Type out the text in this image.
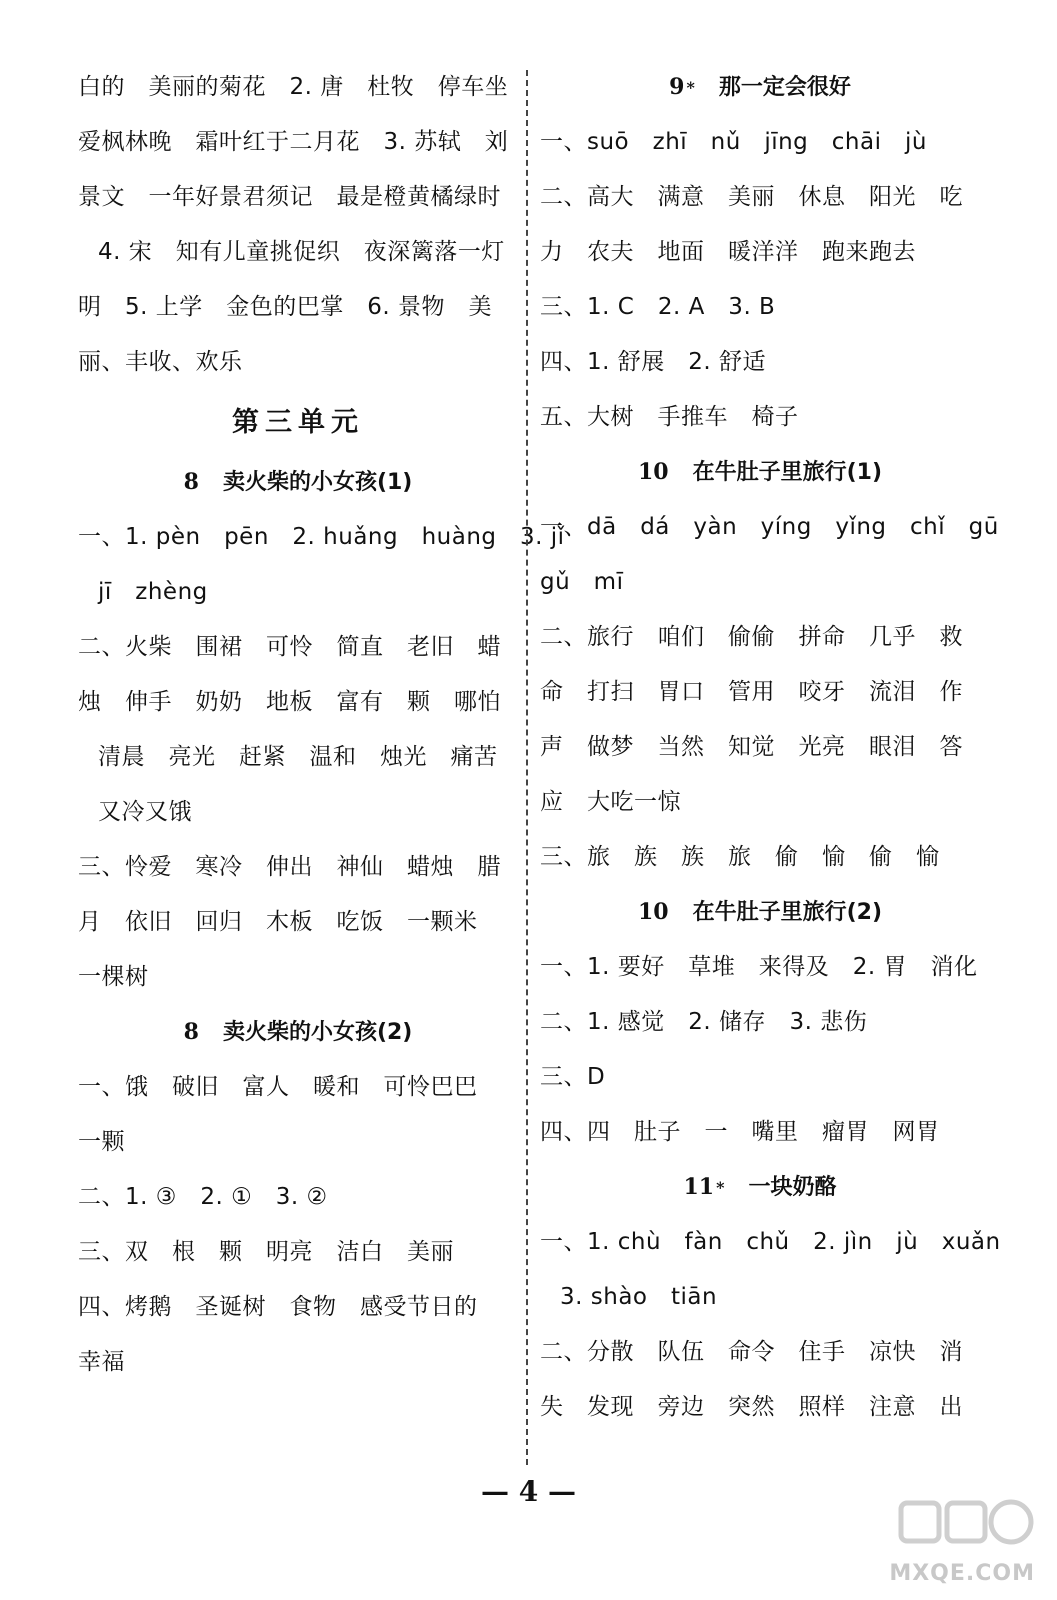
白的　美丽的菊花　2. 唐　杜牧　停车坐
爱枫林晚　霜叶红于二月花　3. 苏轼　刘
景文　一年好景君须记　最是橙黄橘绿时
4. 宋　知有儿童挑促织　夜深篱落一灯
明　5. 上学　金色的巴掌　6. 景物　美
丽、丰收、欢乐
第三单元
8 卖火柴的小女孩(1)
一、1. pèn　pēn　2. huǎng　huàng　3. jǐ
jī　zhèng
二、火柴　围裙　可怜　简直　老旧　蜡
烛　伸手　奶奶　地板　富有　颗　哪怕
清晨　亮光　赶紧　温和　烛光　痛苦
又冷又饿
三、怜爱　寒冷　伸出　神仙　蜡烛　腊
月　依旧　回归　木板　吃饭　一颗米
一棵树
8 卖火柴的小女孩(2)
一、饿　破旧　富人　暖和　可怜巴巴
一颗
二、1. ③　2. ①　3. ②
三、双　根　颗　明亮　洁白　美丽
四、烤鹅　圣诞树　食物　感受节日的
幸福
9 * 那一定会很好
一、suō　zhī　nǔ　jīng　chāi　jù
二、高大　满意　美丽　休息　阳光　吃
力　农夫　地面　暖洋洋　跑来跑去
三、1. C　2. A　3. B
四、1. 舒展　2. 舒适
五、大树　手推车　椅子
10 在牛肚子里旅行(1)
一、dā　dá　yàn　yíng　yǐng　chǐ　gū
gǔ　mī
二、旅行　咱们　偷偷　拼命　几乎　救
命　打扫　胃口　管用　咬牙　流泪　作
声　做梦　当然　知觉　光亮　眼泪　答
应　大吃一惊
三、旅　族　族　旅　偷　愉　偷　愉
10 在牛肚子里旅行(2)
一、1. 要好　草堆　来得及　2. 胃　消化
二、1. 感觉　2. 储存　3. 悲伤
三、D
四、四　肚子　一　嘴里　瘤胃　网胃
11 * 一块奶酪
一、1. chù　fàn　chǔ　2. jìn　jù　xuǎn
3. shào　tiān
二、分散　队伍　命令　住手　凉快　消
失　发现　旁边　突然　照样　注意　出
— 4 —
MXQE.COM
